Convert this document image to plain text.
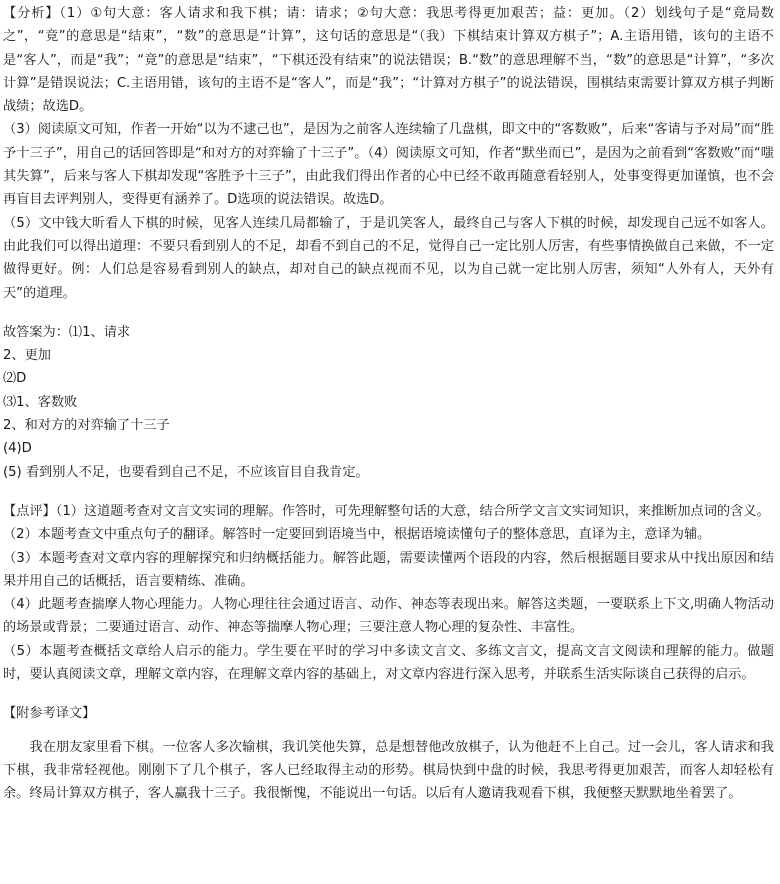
【分析】（1）①句大意：客人请求和我下棋；请：请求；②句大意：我思考得更加艰苦；益：更加。（2）划线句子是“竟局数之”，“竟”的意思是“结束”，“数”的意思是“计算”，这句话的意思是“（我）下棋结束计算双方棋子”；A.主语用错，该句的主语不是“客人”，而是“我”；“竟”的意思是“结束”，“下棋还没有结束”的说法错误；B.“数”的意思理解不当，“数”的意思是“计算”，“多次计算”是错误说法；C.主语用错，该句的主语不是“客人”，而是“我”；“计算对方棋子”的说法错误，围棋结束需要计算双方棋子判断战绩；故选D。

（3）阅读原文可知，作者一开始“以为不逮己也”，是因为之前客人连续输了几盘棋，即文中的“客数败”，后来“客请与予对局”而“胜予十三子”，用自己的话回答即是“和对方的对弈输了十三子”。（4）阅读原文可知，作者“默坐而已”，是因为之前看到“客数败”而“嗤其失算”，后来与客人下棋却发现“客胜予十三子”，由此我们得出作者的心中已经不敢再随意看轻别人，处事变得更加谨慎，也不会再盲目去评判别人，变得更有涵养了。D选项的说法错误。故选D。

（5）文中钱大昕看人下棋的时候，见客人连续几局都输了，于是讥笑客人，最终自己与客人下棋的时候，却发现自己远不如客人。由此我们可以得出道理：不要只看到别人的不足，却看不到自己的不足，觉得自己一定比别人厉害，有些事情换做自己来做，不一定做得更好。例：人们总是容易看到别人的缺点，却对自己的缺点视而不见，以为自己就一定比别人厉害，须知“人外有人，天外有天”的道理。

故答案为：⑴1、请求

2、更加

⑵D

⑶1、客数败

2、和对方的对弈输了十三子

(4)D

(5) 看到别人不足，也要看到自己不足，不应该盲目自我肯定。

【点评】（1）这道题考查对文言文实词的理解。作答时，可先理解整句话的大意，结合所学文言文实词知识，来推断加点词的含义。

（2）本题考查文中重点句子的翻译。解答时一定要回到语境当中，根据语境读懂句子的整体意思，直译为主，意译为辅。

（3）本题考查对文章内容的理解探究和归纳概括能力。解答此题，需要读懂两个语段的内容，然后根据题目要求从中找出原因和结果并用自己的话概括，语言要精练、准确。

（4）此题考查揣摩人物心理能力。人物心理往往会通过语言、动作、神态等表现出来。解答这类题，一要联系上下文,明确人物活动的场景或背景；二要通过语言、动作、神态等揣摩人物心理；三要注意人物心理的复杂性、丰富性。

（5）本题考查概括文章给人启示的能力。学生要在平时的学习中多读文言文、多练文言文，提高文言文阅读和理解的能力。做题时，要认真阅读文章，理解文章内容，在理解文章内容的基础上，对文章内容进行深入思考，并联系生活实际谈自己获得的启示。

【附参考译文】

我在朋友家里看下棋。一位客人多次输棋，我讥笑他失算，总是想替他改放棋子，认为他赶不上自己。过一会儿，客人请求和我下棋，我非常轻视他。刚刚下了几个棋子，客人已经取得主动的形势。棋局快到中盘的时候，我思考得更加艰苦，而客人却轻松有余。终局计算双方棋子，客人赢我十三子。我很惭愧，不能说出一句话。以后有人邀请我观看下棋，我便整天默默地坐着罢了。
